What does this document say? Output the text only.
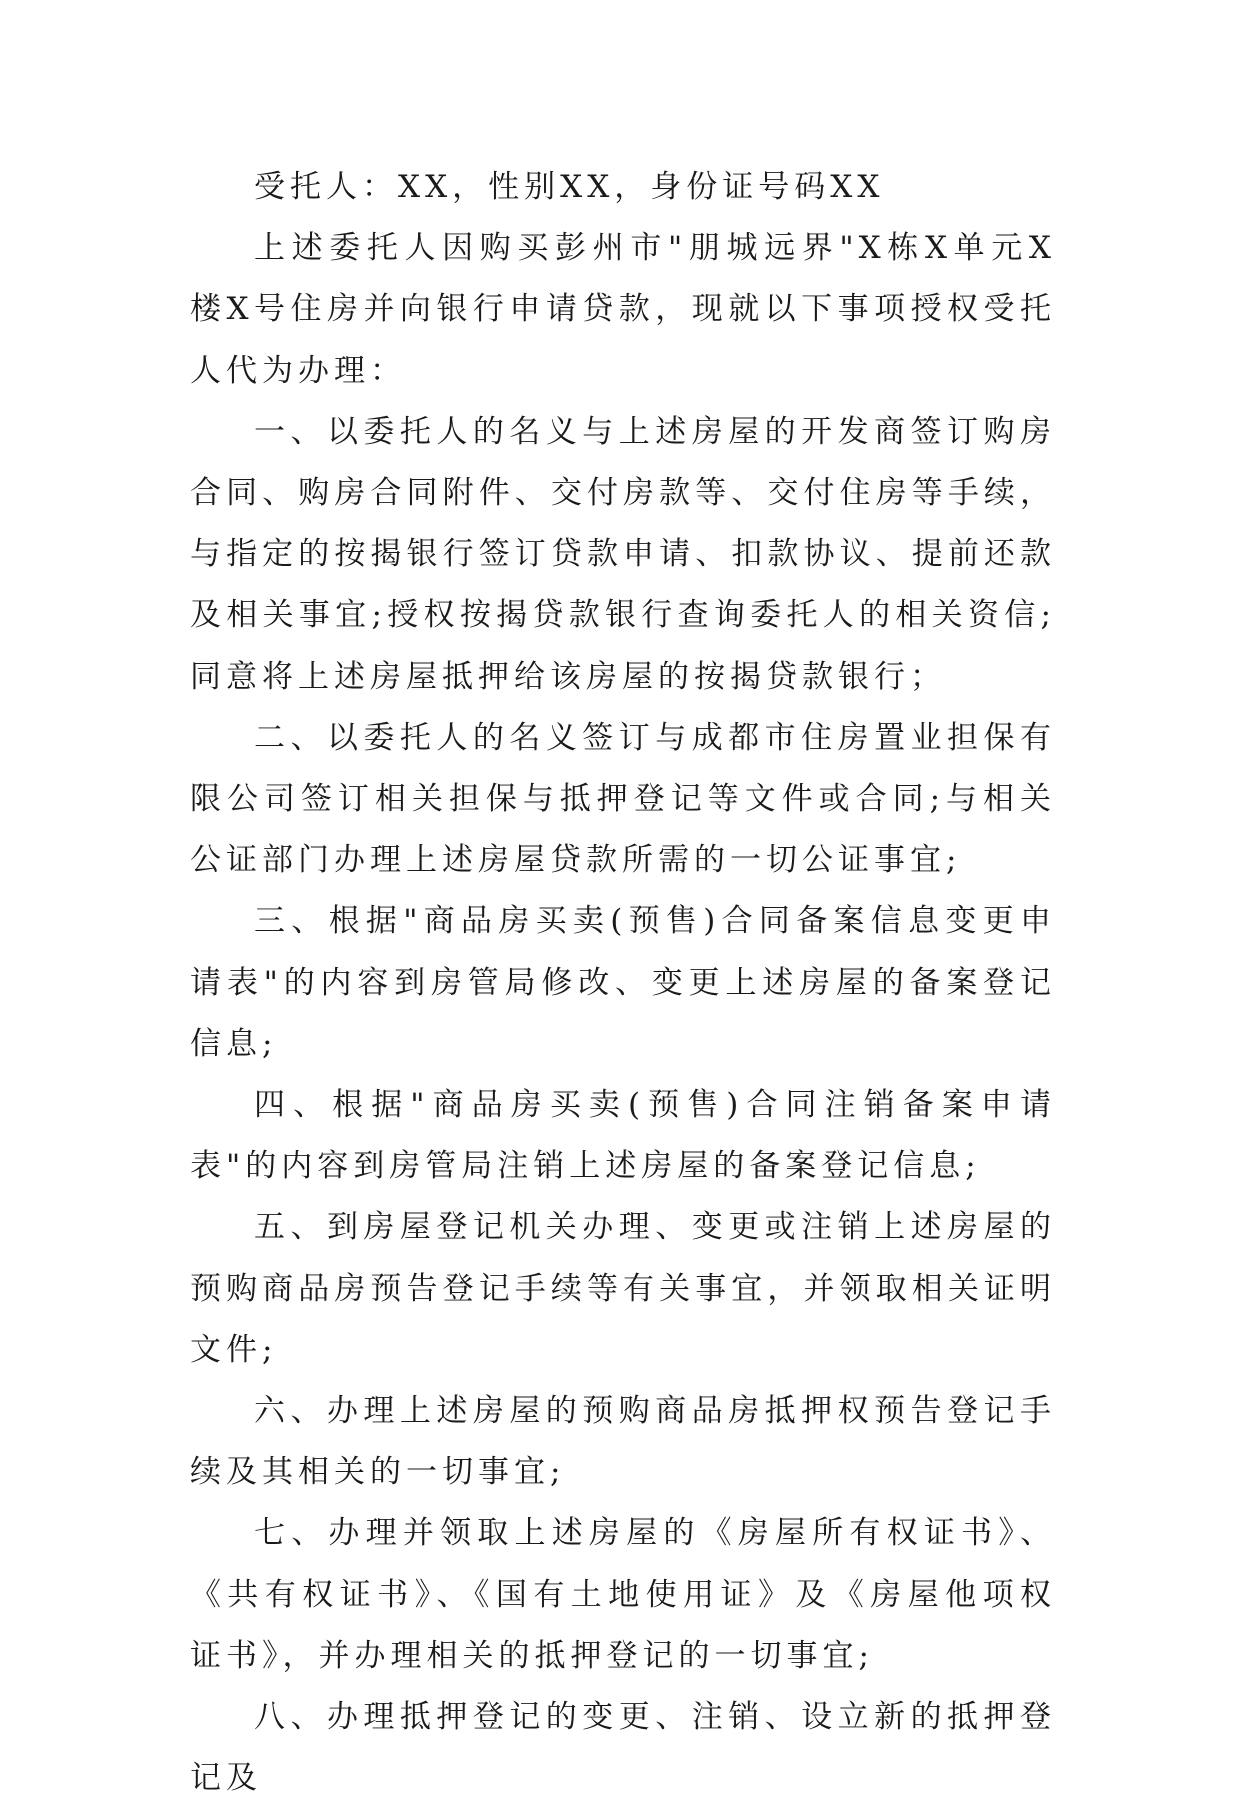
受托人：XX，性别XX，身份证号码XX

上述委托人因购买彭州市"朋城远界"X栋X单元X楼X号住房并向银行申请贷款，现就以下事项授权受托人代为办理：

一、以委托人的名义与上述房屋的开发商签订购房合同、购房合同附件、交付房款等、交付住房等手续，与指定的按揭银行签订贷款申请、扣款协议、提前还款及相关事宜;授权按揭贷款银行查询委托人的相关资信;同意将上述房屋抵押给该房屋的按揭贷款银行；

二、以委托人的名义签订与成都市住房置业担保有限公司签订相关担保与抵押登记等文件或合同;与相关公证部门办理上述房屋贷款所需的一切公证事宜;

三、根据"商品房买卖(预售)合同备案信息变更申请表"的内容到房管局修改、变更上述房屋的备案登记信息;

四、根据"商品房买卖(预售)合同注销备案申请表"的内容到房管局注销上述房屋的备案登记信息;

五、到房屋登记机关办理、变更或注销上述房屋的预购商品房预告登记手续等有关事宜，并领取相关证明文件;

六、办理上述房屋的预购商品房抵押权预告登记手续及其相关的一切事宜;

七、办理并领取上述房屋的《房屋所有权证书》、《共有权证书》、《国有土地使用证》及《房屋他项权证书》，并办理相关的抵押登记的一切事宜;

八、办理抵押登记的变更、注销、设立新的抵押登记及
